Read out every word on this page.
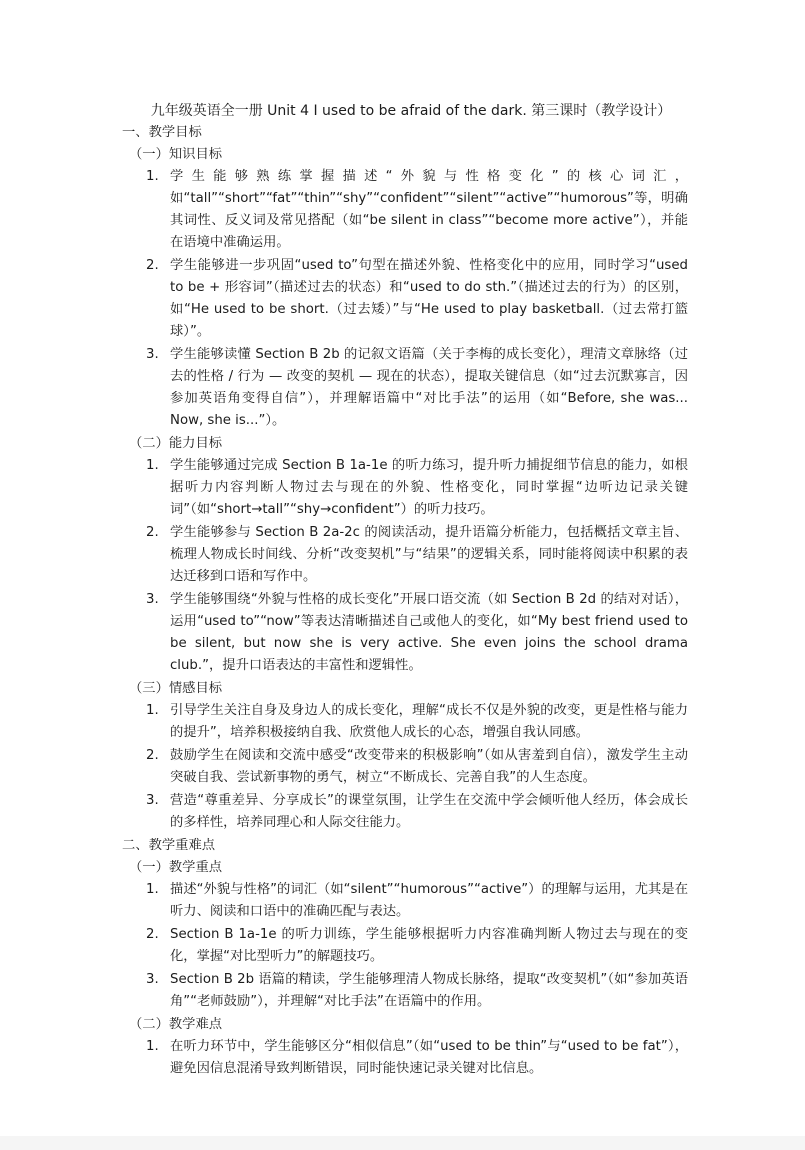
九年级英语全一册 Unit 4 I used to be afraid of the dark. 第三课时（教学设计）
一、教学目标
（一）知识目标
1. 学生能够熟练掌握描述“外貌与性格变化”的核心词汇，如“tall”“short”“fat”“thin”“shy”“confident”“silent”“active”“humorous”等，明确其词性、反义词及常见搭配（如“be silent in class”“become more active”），并能在语境中准确运用。
2. 学生能够进一步巩固“used to”句型在描述外貌、性格变化中的应用，同时学习“used to be + 形容词”（描述过去的状态）和“used to do sth.”（描述过去的行为）的区别，如“He used to be short.（过去矮）”与“He used to play basketball.（过去常打篮球）”。
3. 学生能够读懂 Section B 2b 的记叙文语篇（关于李梅的成长变化），理清文章脉络（过去的性格 / 行为 — 改变的契机 — 现在的状态），提取关键信息（如“过去沉默寡言，因参加英语角变得自信”），并理解语篇中“对比手法”的运用（如“Before, she was... Now, she is...”）。
（二）能力目标
1. 学生能够通过完成 Section B 1a-1e 的听力练习，提升听力捕捉细节信息的能力，如根据听力内容判断人物过去与现在的外貌、性格变化，同时掌握“边听边记录关键词”（如“short→tall”“shy→confident”）的听力技巧。
2. 学生能够参与 Section B 2a-2c 的阅读活动，提升语篇分析能力，包括概括文章主旨、梳理人物成长时间线、分析“改变契机”与“结果”的逻辑关系，同时能将阅读中积累的表达迁移到口语和写作中。
3. 学生能够围绕“外貌与性格的成长变化”开展口语交流（如 Section B 2d 的结对对话），运用“used to”“now”等表达清晰描述自己或他人的变化，如“My best friend used to be silent, but now she is very active. She even joins the school drama club.”，提升口语表达的丰富性和逻辑性。
（三）情感目标
1. 引导学生关注自身及身边人的成长变化，理解“成长不仅是外貌的改变，更是性格与能力的提升”，培养积极接纳自我、欣赏他人成长的心态，增强自我认同感。
2. 鼓励学生在阅读和交流中感受“改变带来的积极影响”（如从害羞到自信），激发学生主动突破自我、尝试新事物的勇气，树立“不断成长、完善自我”的人生态度。
3. 营造“尊重差异、分享成长”的课堂氛围，让学生在交流中学会倾听他人经历，体会成长的多样性，培养同理心和人际交往能力。
二、教学重难点
（一）教学重点
1. 描述“外貌与性格”的词汇（如“silent”“humorous”“active”）的理解与运用，尤其是在听力、阅读和口语中的准确匹配与表达。
2. Section B 1a-1e 的听力训练，学生能够根据听力内容准确判断人物过去与现在的变化，掌握“对比型听力”的解题技巧。
3. Section B 2b 语篇的精读，学生能够理清人物成长脉络，提取“改变契机”（如“参加英语角”“老师鼓励”），并理解“对比手法”在语篇中的作用。
（二）教学难点
1. 在听力环节中，学生能够区分“相似信息”（如“used to be thin”与“used to be fat”），避免因信息混淆导致判断错误，同时能快速记录关键对比信息。
